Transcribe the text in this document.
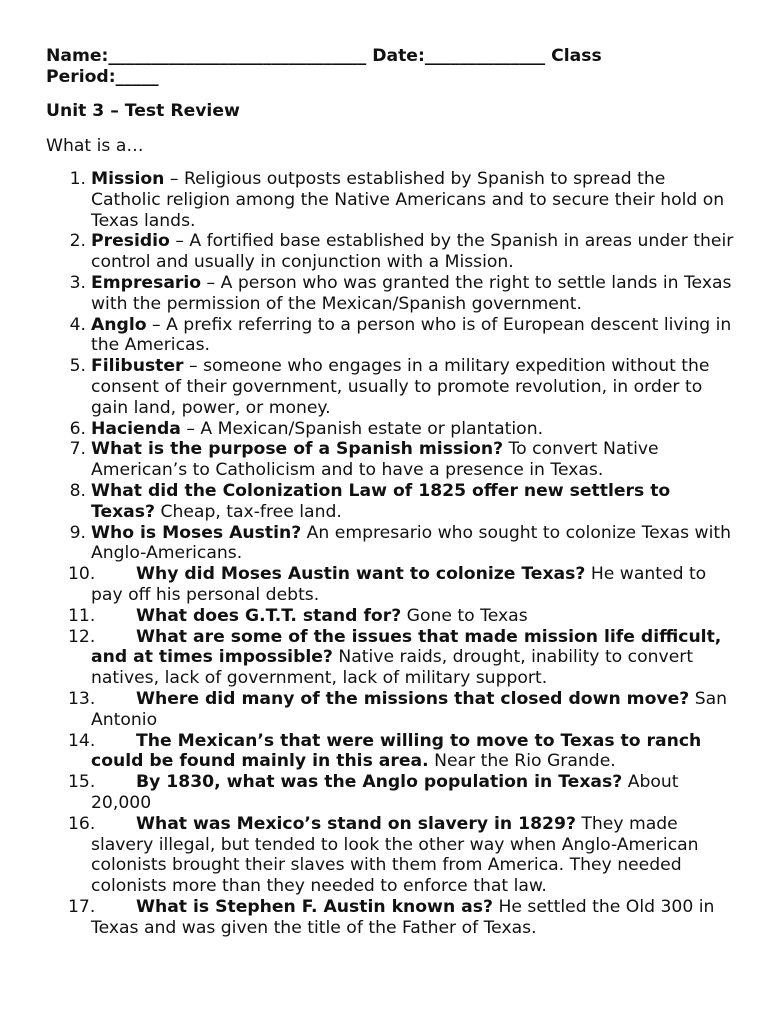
Name:______________________________ Date:______________ Class
Period:_____
Unit 3 – Test Review
What is a…
1. Mission – Religious outposts established by Spanish to spread the Catholic religion among the Native Americans and to secure their hold on Texas lands.
2. Presidio – A fortified base established by the Spanish in areas under their control and usually in conjunction with a Mission.
3. Empresario – A person who was granted the right to settle lands in Texas with the permission of the Mexican/Spanish government.
4. Anglo – A prefix referring to a person who is of European descent living in the Americas.
5. Filibuster – someone who engages in a military expedition without the consent of their government, usually to promote revolution, in order to gain land, power, or money.
6. Hacienda – A Mexican/Spanish estate or plantation.
7. What is the purpose of a Spanish mission? To convert Native American’s to Catholicism and to have a presence in Texas.
8. What did the Colonization Law of 1825 offer new settlers to Texas? Cheap, tax-free land.
9. Who is Moses Austin? An empresario who sought to colonize Texas with Anglo-Americans.
10. Why did Moses Austin want to colonize Texas? He wanted to pay off his personal debts.
11. What does G.T.T. stand for? Gone to Texas
12. What are some of the issues that made mission life difficult, and at times impossible? Native raids, drought, inability to convert natives, lack of government, lack of military support.
13. Where did many of the missions that closed down move? San Antonio
14. The Mexican’s that were willing to move to Texas to ranch could be found mainly in this area. Near the Rio Grande.
15. By 1830, what was the Anglo population in Texas? About 20,000
16. What was Mexico’s stand on slavery in 1829? They made slavery illegal, but tended to look the other way when Anglo-American colonists brought their slaves with them from America. They needed colonists more than they needed to enforce that law.
17. What is Stephen F. Austin known as? He settled the Old 300 in Texas and was given the title of the Father of Texas.
